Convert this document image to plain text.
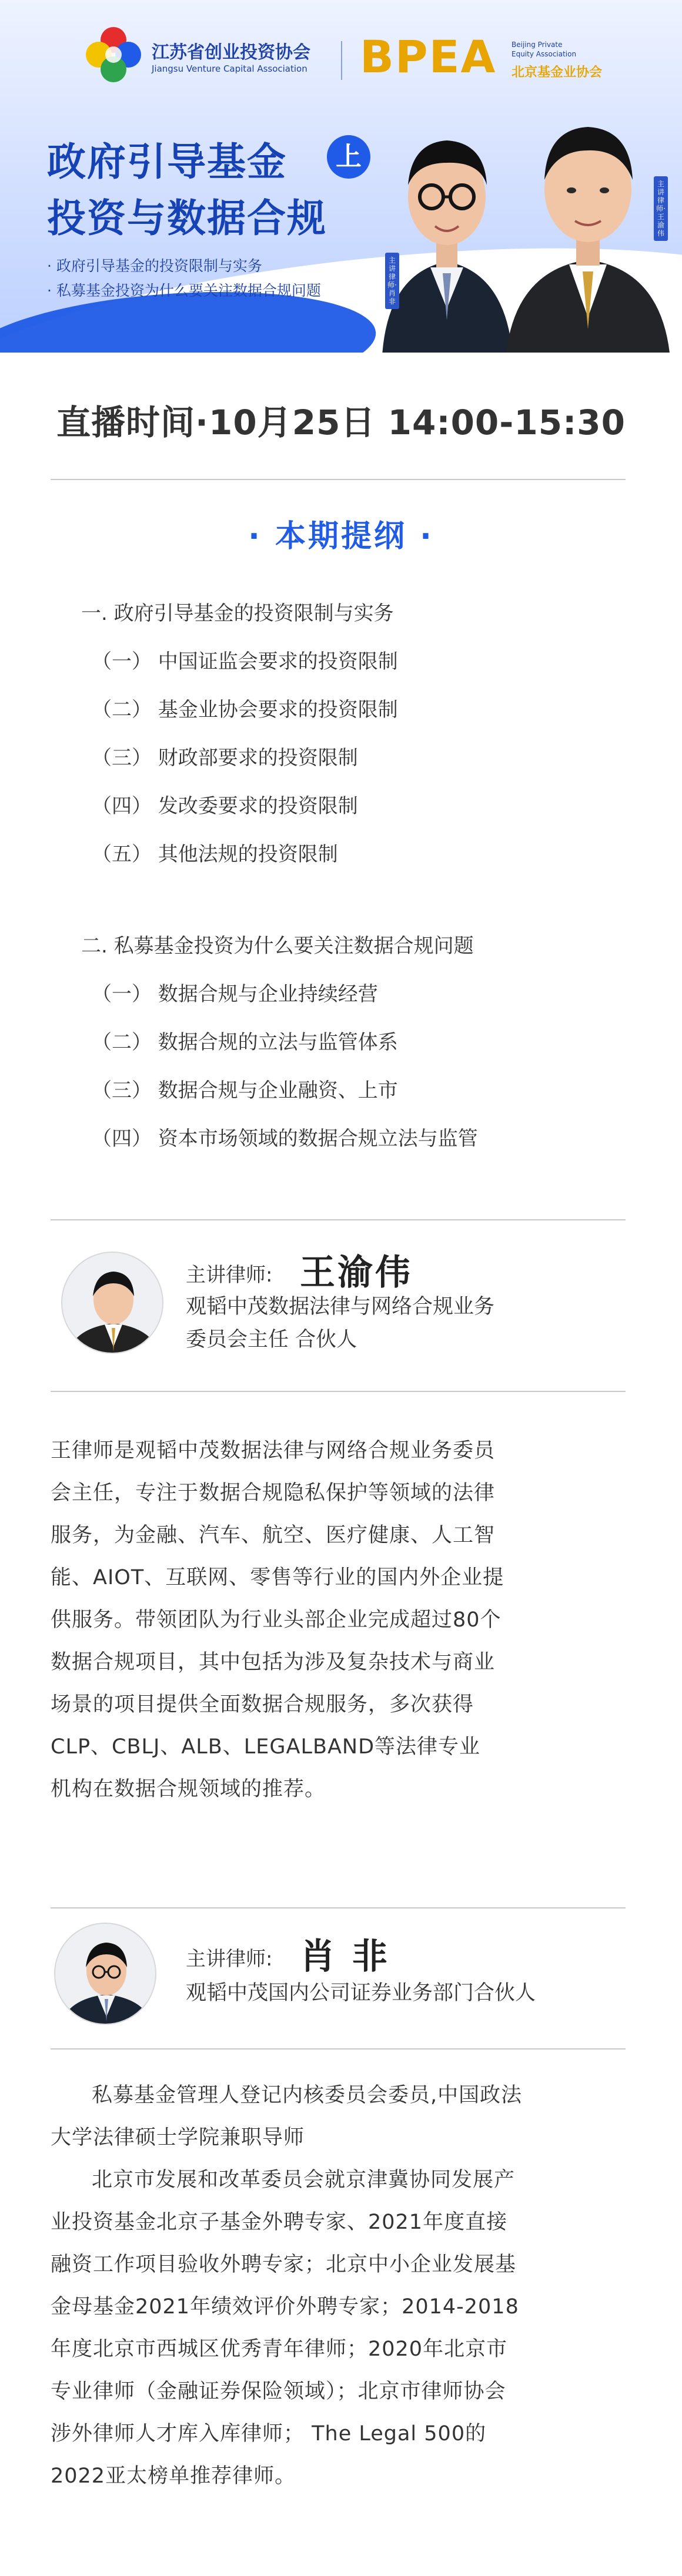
江苏省创业投资协会
Jiangsu Venture Capital Association BPEA Beijing Private
Equity Association
北京基金业协会
政府引导基金	上
投资与数据合规
· 政府引导基金的投资限制与实务
· 私募基金投资为什么要关注数据合规问题
主讲律师·肖非
主讲律师·王渝伟
直播时间·10月25日 14:00-15:30
· 本期提纲 ·
一. 政府引导基金的投资限制与实务
（一） 中国证监会要求的投资限制
（二） 基金业协会要求的投资限制
（三） 财政部要求的投资限制
（四） 发改委要求的投资限制
（五） 其他法规的投资限制
二. 私募基金投资为什么要关注数据合规问题
（一） 数据合规与企业持续经营
（二） 数据合规的立法与监管体系
（三） 数据合规与企业融资、上市
（四） 资本市场领域的数据合规立法与监管
主讲律师: 王渝伟
观韬中茂数据法律与网络合规业务
委员会主任 合伙人

王律师是观韬中茂数据法律与网络合规业务委员

会主任，专注于数据合规隐私保护等领域的法律

服务，为金融、汽车、航空、医疗健康、人工智

能、AIOT、互联网、零售等行业的国内外企业提

供服务。带领团队为行业头部企业完成超过80个

数据合规项目，其中包括为涉及复杂技术与商业

场景的项目提供全面数据合规服务，多次获得

CLP、CBLJ、ALB、LEGALBAND等法律专业

机构在数据合规领域的推荐。

主讲律师: 肖 非
观韬中茂国内公司证券业务部门合伙人

私募基金管理人登记内核委员会委员,中国政法

大学法律硕士学院兼职导师

北京市发展和改革委员会就京津冀协同发展产

业投资基金北京子基金外聘专家、2021年度直接

融资工作项目验收外聘专家；北京中小企业发展基

金母基金2021年绩效评价外聘专家；2014-2018

年度北京市西城区优秀青年律师；2020年北京市

专业律师（金融证券保险领域）；北京市律师协会

涉外律师人才库入库律师； The Legal 500的

2022亚太榜单推荐律师。
